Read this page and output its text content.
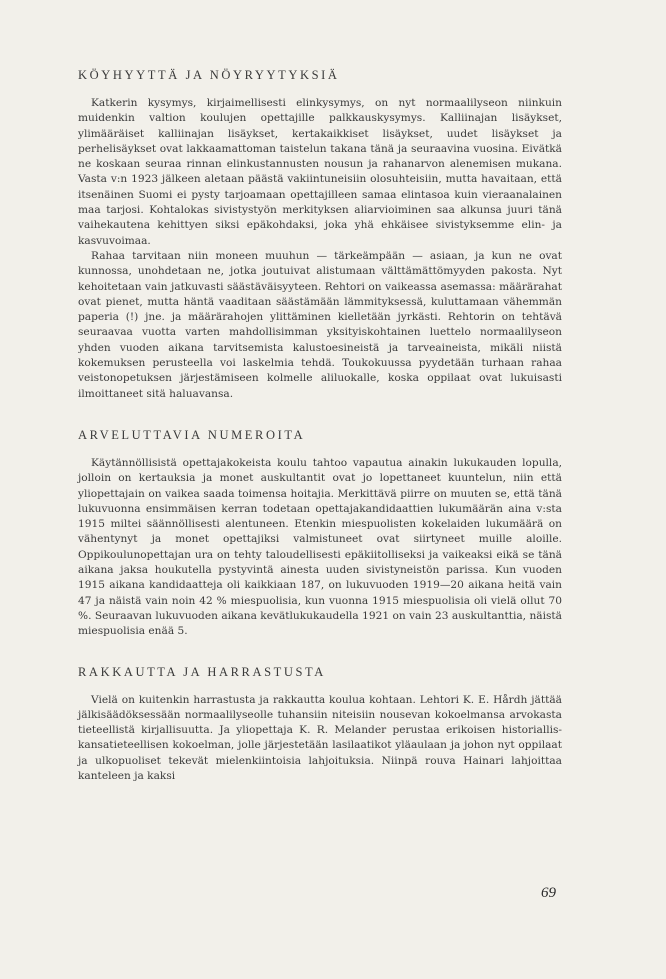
KÖYHYYTTÄ JA NÖYRYYTYKSIÄ

Katkerin kysymys, kirjaimellisesti elinkysymys, on nyt normaalilyseon niinkuin muidenkin valtion koulujen opettajille palkkauskysymys. Kalliinajan lisäykset, ylimääräiset kalliinajan lisäykset, kertakaikkiset lisäykset, uudet lisäykset ja perhelisäykset ovat lakkaamattoman taistelun takana tänä ja seuraavina vuosina. Eivätkä ne koskaan seuraa rinnan elinkustannusten nousun ja rahanarvon alenemisen mukana. Vasta v:n 1923 jälkeen aletaan päästä vakiintuneisiin olosuhteisiin, mutta havaitaan, että itsenäinen Suomi ei pysty tarjoamaan opettajilleen samaa elintasoa kuin vieraanalainen maa tarjosi. Kohtalokas sivistystyön merkityksen aliarvioiminen saa alkunsa juuri tänä vaihekautena kehittyen siksi epäkohdaksi, joka yhä ehkäisee sivistyksemme elin- ja kasvuvoimaa.

Rahaa tarvitaan niin moneen muuhun — tärkeämpään — asiaan, ja kun ne ovat kunnossa, unohdetaan ne, jotka joutuivat alistumaan välttämättömyyden pakosta. Nyt kehoitetaan vain jatkuvasti säästäväisyyteen. Rehtori on vaikeassa asemassa: määrärahat ovat pienet, mutta häntä vaaditaan säästämään lämmityksessä, kuluttamaan vähemmän paperia (!) jne. ja määrärahojen ylittäminen kielletään jyrkästi. Rehtorin on tehtävä seuraavaa vuotta varten mahdollisimman yksityiskohtainen luettelo normaalilyseon yhden vuoden aikana tarvitsemista kalustoesineistä ja tarveaineista, mikäli niistä kokemuksen perusteella voi laskelmia tehdä. Toukokuussa pyydetään turhaan rahaa veistonopetuksen järjestämiseen kolmelle aliluokalle, koska oppilaat ovat lukuisasti ilmoittaneet sitä haluavansa.

ARVELUTTAVIA NUMEROITA

Käytännöllisistä opettajakokeista koulu tahtoo vapautua ainakin lukukauden lopulla, jolloin on kertauksia ja monet auskultantit ovat jo lopettaneet kuuntelun, niin että yliopettajain on vaikea saada toimensa hoitajia. Merkittävä piirre on muuten se, että tänä lukuvuonna ensimmäisen kerran todetaan opettajakandidaattien lukumäärän aina v:sta 1915 miltei säännöllisesti alentuneen. Etenkin miespuolisten kokelaiden lukumäärä on vähentynyt ja monet opettajiksi valmistuneet ovat siirtyneet muille aloille. Oppikoulunopettajan ura on tehty taloudellisesti epäkiitolliseksi ja vaikeaksi eikä se tänä aikana jaksa houkutella pystyvintä ainesta uuden sivistyneistön parissa. Kun vuoden 1915 aikana kandidaatteja oli kaikkiaan 187, on lukuvuoden 1919—20 aikana heitä vain 47 ja näistä vain noin 42 % miespuolisia, kun vuonna 1915 miespuolisia oli vielä ollut 70 %. Seuraavan lukuvuoden aikana kevätlukukaudella 1921 on vain 23 auskultanttia, näistä miespuolisia enää 5.

RAKKAUTTA JA HARRASTUSTA

Vielä on kuitenkin harrastusta ja rakkautta koulua kohtaan. Lehtori K. E. Hårdh jättää jälkisäädöksessään normaalilyseolle tuhansiin niteisiin nousevan kokoelmansa arvokasta tieteellistä kirjallisuutta. Ja yliopettaja K. R. Melander perustaa erikoisen historiallis-kansatieteellisen kokoelman, jolle järjestetään lasilaatikot yläaulaan ja johon nyt oppilaat ja ulkopuoliset tekevät mielenkiintoisia lahjoituksia. Niinpä rouva Hainari lahjoittaa kanteleen ja kaksi

69
